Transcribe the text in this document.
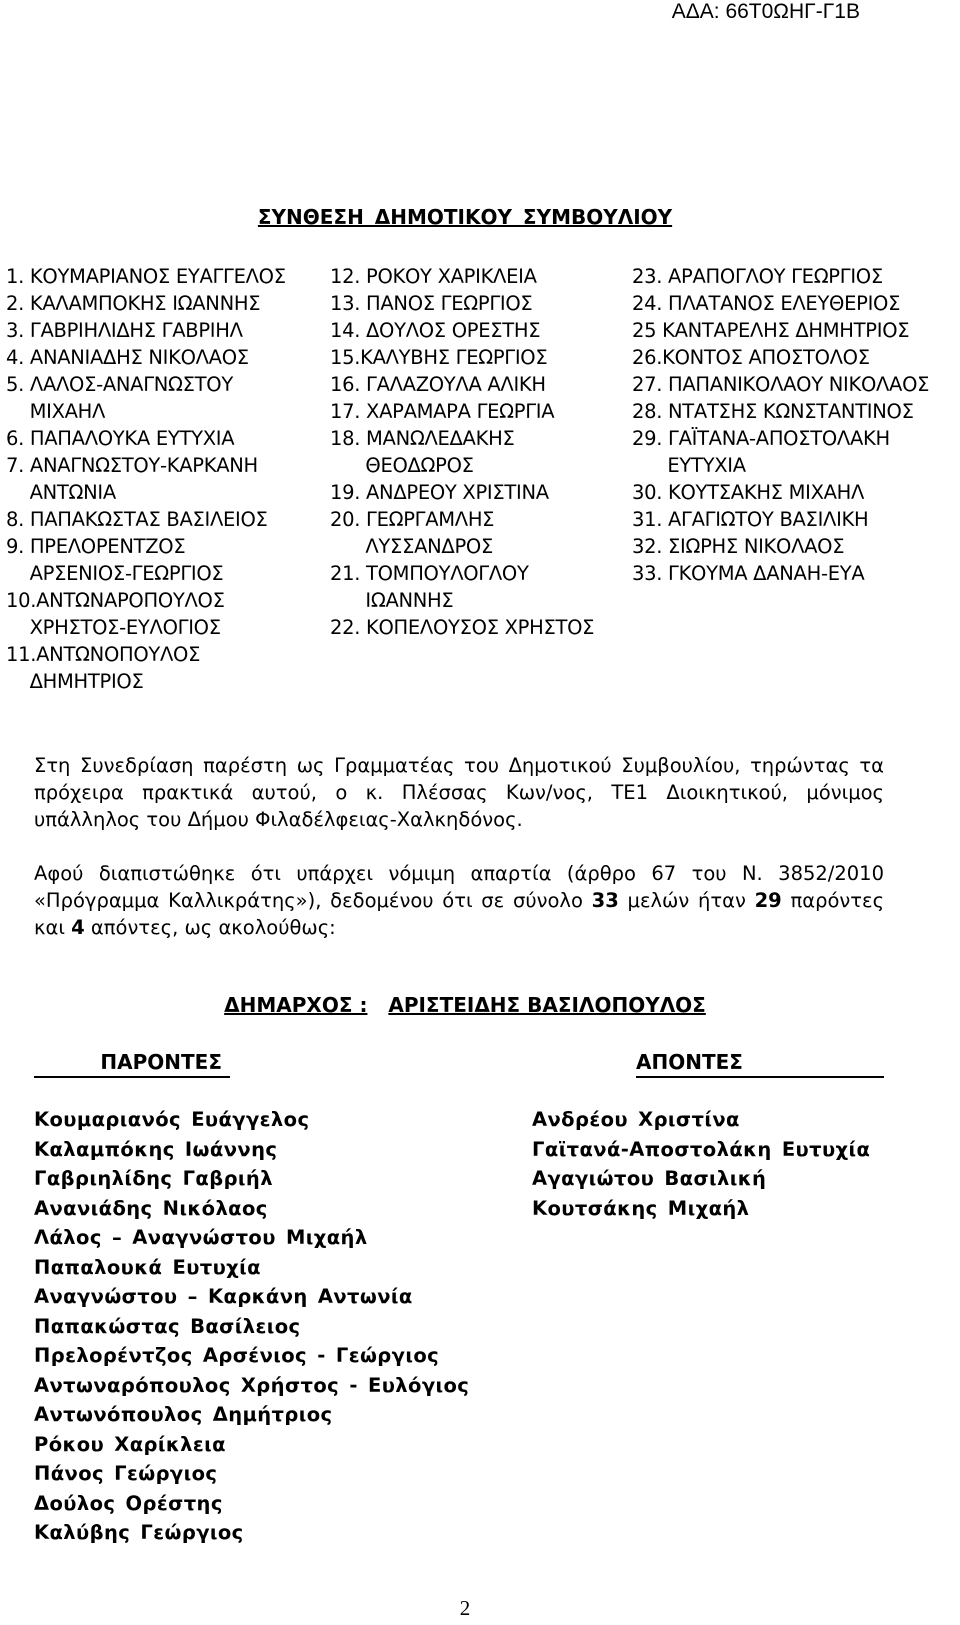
ΑΔΑ: 66Τ0ΩΗΓ-Γ1Β
ΣΥΝΘΕΣΗ ΔΗΜΟΤΙΚΟΥ ΣΥΜΒΟΥΛΙΟΥ
1. ΚΟΥΜΑΡΙΑΝΟΣ ΕΥΑΓΓΕΛΟΣ
2. ΚΑΛΑΜΠΟΚΗΣ ΙΩΑΝΝΗΣ
3. ΓΑΒΡΙΗΛΙΔΗΣ ΓΑΒΡΙΗΛ
4. ΑΝΑΝΙΑΔΗΣ ΝΙΚΟΛΑΟΣ
5. ΛΑΛΟΣ-ΑΝΑΓΝΩΣΤΟΥ
ΜΙΧΑΗΛ
6. ΠΑΠΑΛΟΥΚΑ ΕΥΤΥΧΙΑ
7. ΑΝΑΓΝΩΣΤΟΥ-ΚΑΡΚΑΝΗ
ΑΝΤΩΝΙΑ
8. ΠΑΠΑΚΩΣΤΑΣ ΒΑΣΙΛΕΙΟΣ
9. ΠΡΕΛΟΡΕΝΤΖΟΣ
ΑΡΣΕΝΙΟΣ-ΓΕΩΡΓΙΟΣ
10.ΑΝΤΩΝΑΡΟΠΟΥΛΟΣ
ΧΡΗΣΤΟΣ-ΕΥΛΟΓΙΟΣ
11.ΑΝΤΩΝΟΠΟΥΛΟΣ
ΔΗΜΗΤΡΙΟΣ
12. ΡΟΚΟΥ ΧΑΡΙΚΛΕΙΑ
13. ΠΑΝΟΣ ΓΕΩΡΓΙΟΣ
14. ΔΟΥΛΟΣ ΟΡΕΣΤΗΣ
15.ΚΑΛΥΒΗΣ ΓΕΩΡΓΙΟΣ
16. ΓΑΛΑΖΟΥΛΑ ΑΛΙΚΗ
17. ΧΑΡΑΜΑΡΑ ΓΕΩΡΓΙΑ
18. ΜΑΝΩΛΕΔΑΚΗΣ
ΘΕΟΔΩΡΟΣ
19. ΑΝΔΡΕΟΥ ΧΡΙΣΤΙΝΑ
20. ΓΕΩΡΓΑΜΛΗΣ
ΛΥΣΣΑΝΔΡΟΣ
21. ΤΟΜΠΟΥΛΟΓΛΟΥ
ΙΩΑΝΝΗΣ
22. ΚΟΠΕΛΟΥΣΟΣ ΧΡΗΣΤΟΣ
23. ΑΡΑΠΟΓΛΟΥ ΓΕΩΡΓΙΟΣ
24. ΠΛΑΤΑΝΟΣ ΕΛΕΥΘΕΡΙΟΣ
25 ΚΑΝΤΑΡΕΛΗΣ ΔΗΜΗΤΡΙΟΣ
26.ΚΟΝΤΟΣ ΑΠΟΣΤΟΛΟΣ
27. ΠΑΠΑΝΙΚΟΛΑΟΥ ΝΙΚΟΛΑΟΣ
28. ΝΤΑΤΣΗΣ ΚΩΝΣΤΑΝΤΙΝΟΣ
29. ΓΑΪΤΑΝΑ-ΑΠΟΣΤΟΛΑΚΗ
ΕΥΤΥΧΙΑ
30. ΚΟΥΤΣΑΚΗΣ ΜΙΧΑΗΛ
31. ΑΓΑΓΙΩΤΟΥ ΒΑΣΙΛΙΚΗ
32. ΣΙΩΡΗΣ ΝΙΚΟΛΑΟΣ
33. ΓΚΟΥΜΑ ΔΑΝΑΗ-ΕΥΑ

Στη Συνεδρίαση παρέστη ως Γραμματέας του Δημοτικού Συμβουλίου, τηρώντας τα πρόχειρα πρακτικά αυτού, ο κ. Πλέσσας Κων/νος, ΤΕ1 Διοικητικού, μόνιμος υπάλληλος του Δήμου Φιλαδέλφειας-Χαλκηδόνος.

Αφού διαπιστώθηκε ότι υπάρχει νόμιμη απαρτία (άρθρο 67 του Ν. 3852/2010 «Πρόγραμμα Καλλικράτης»), δεδομένου ότι σε σύνολο 33 μελών ήταν 29 παρόντες και 4 απόντες, ως ακολούθως:

ΔΗΜΑΡΧΟΣ : ΑΡΙΣΤΕΙΔΗΣ ΒΑΣΙΛΟΠΟΥΛΟΣ
ΠΑΡΟΝΤΕΣ	ΑΠΟΝΤΕΣ
Κουμαριανός Ευάγγελος
Καλαμπόκης Ιωάννης
Γαβριηλίδης Γαβριήλ
Ανανιάδης Νικόλαος
Λάλος – Αναγνώστου Μιχαήλ
Παπαλουκά Ευτυχία
Αναγνώστου – Καρκάνη Αντωνία
Παπακώστας Βασίλειος
Πρελορέντζος Αρσένιος - Γεώργιος
Αντωναρόπουλος Χρήστος - Ευλόγιος
Αντωνόπουλος Δημήτριος
Ρόκου Χαρίκλεια
Πάνος Γεώργιος
Δούλος Ορέστης
Καλύβης Γεώργιος
Ανδρέου Χριστίνα
Γαϊτανά-Αποστολάκη Ευτυχία
Αγαγιώτου Βασιλική
Κουτσάκης Μιχαήλ
2
